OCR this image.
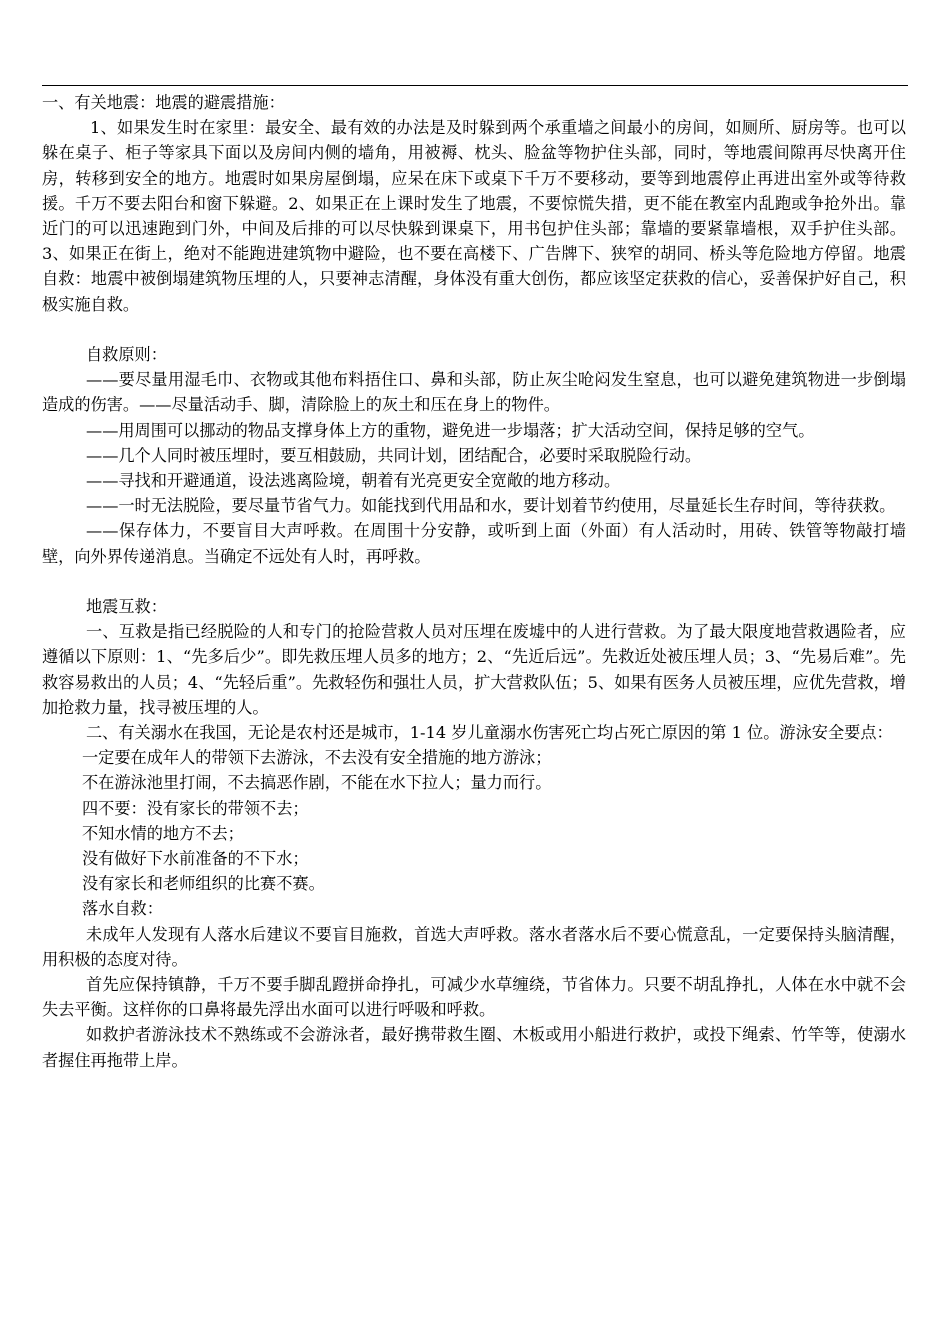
一、有关地震：地震的避震措施：

1、如果发生时在家里：最安全、最有效的办法是及时躲到两个承重墙之间最小的房间，如厕所、厨房等。也可以躲在桌子、柜子等家具下面以及房间内侧的墙角，用被褥、枕头、脸盆等物护住头部，同时，等地震间隙再尽快离开住房，转移到安全的地方。地震时如果房屋倒塌，应呆在床下或桌下千万不要移动，要等到地震停止再进出室外或等待救援。千万不要去阳台和窗下躲避。2、如果正在上课时发生了地震，不要惊慌失措，更不能在教室内乱跑或争抢外出。靠近门的可以迅速跑到门外，中间及后排的可以尽快躲到课桌下，用书包护住头部；靠墙的要紧靠墙根，双手护住头部。3、如果正在街上，绝对不能跑进建筑物中避险，也不要在高楼下、广告牌下、狭窄的胡同、桥头等危险地方停留。地震自救：地震中被倒塌建筑物压埋的人，只要神志清醒，身体没有重大创伤，都应该坚定获救的信心，妥善保护好自己，积极实施自救。

自救原则：

——要尽量用湿毛巾、衣物或其他布料捂住口、鼻和头部，防止灰尘呛闷发生窒息，也可以避免建筑物进一步倒塌造成的伤害。——尽量活动手、脚，清除脸上的灰土和压在身上的物件。

——用周围可以挪动的物品支撑身体上方的重物，避免进一步塌落；扩大活动空间，保持足够的空气。

——几个人同时被压埋时，要互相鼓励，共同计划，团结配合，必要时采取脱险行动。

——寻找和开避通道，设法逃离险境，朝着有光亮更安全宽敞的地方移动。

——一时无法脱险，要尽量节省气力。如能找到代用品和水，要计划着节约使用，尽量延长生存时间，等待获救。

——保存体力，不要盲目大声呼救。在周围十分安静，或听到上面（外面）有人活动时，用砖、铁管等物敲打墙壁，向外界传递消息。当确定不远处有人时，再呼救。

地震互救：

一、互救是指已经脱险的人和专门的抢险营救人员对压埋在废墟中的人进行营救。为了最大限度地营救遇险者，应遵循以下原则：1、“先多后少”。即先救压埋人员多的地方；2、“先近后远”。先救近处被压埋人员；3、“先易后难”。先救容易救出的人员；4、“先轻后重”。先救轻伤和强壮人员，扩大营救队伍；5、如果有医务人员被压埋，应优先营救，增加抢救力量，找寻被压埋的人。

二、有关溺水在我国，无论是农村还是城市，1-14 岁儿童溺水伤害死亡均占死亡原因的第 1 位。游泳安全要点：

一定要在成年人的带领下去游泳，不去没有安全措施的地方游泳；

不在游泳池里打闹，不去搞恶作剧，不能在水下拉人；量力而行。

四不要：没有家长的带领不去；

不知水情的地方不去；

没有做好下水前准备的不下水；

没有家长和老师组织的比赛不赛。

落水自救：

未成年人发现有人落水后建议不要盲目施救，首选大声呼救。落水者落水后不要心慌意乱，一定要保持头脑清醒，用积极的态度对待。

首先应保持镇静，千万不要手脚乱蹬拼命挣扎，可减少水草缠绕，节省体力。只要不胡乱挣扎，人体在水中就不会失去平衡。这样你的口鼻将最先浮出水面可以进行呼吸和呼救。

如救护者游泳技术不熟练或不会游泳者，最好携带救生圈、木板或用小船进行救护，或投下绳索、竹竿等，使溺水者握住再拖带上岸。
